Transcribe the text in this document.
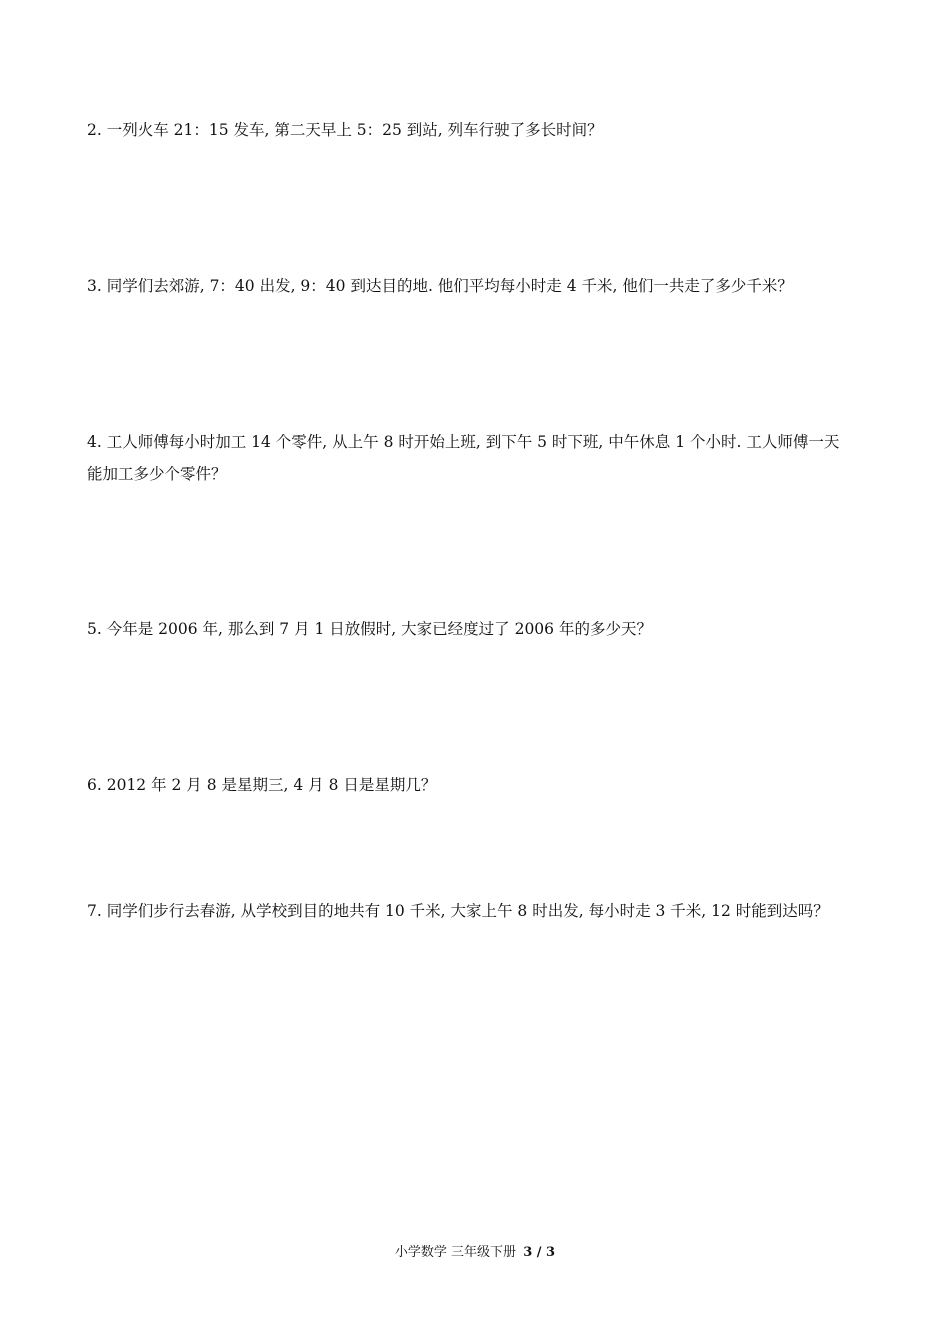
2. 一列火车 21：15 发车, 第二天早上 5：25 到站, 列车行驶了多长时间？

3. 同学们去郊游, 7：40 出发, 9：40 到达目的地. 他们平均每小时走 4 千米, 他们一共走了多少千米？

4. 工人师傅每小时加工 14 个零件, 从上午 8 时开始上班, 到下午 5 时下班, 中午休息 1 个小时. 工人师傅一天
能加工多少个零件？

5. 今年是 2006 年, 那么到 7 月 1 日放假时, 大家已经度过了 2006 年的多少天？

6. 2012 年 2 月 8 是星期三, 4 月 8 日是星期几？

7. 同学们步行去春游, 从学校到目的地共有 10 千米, 大家上午 8 时出发, 每小时走 3 千米, 12 时能到达吗？

小学数学 三年级下册 3 / 3
